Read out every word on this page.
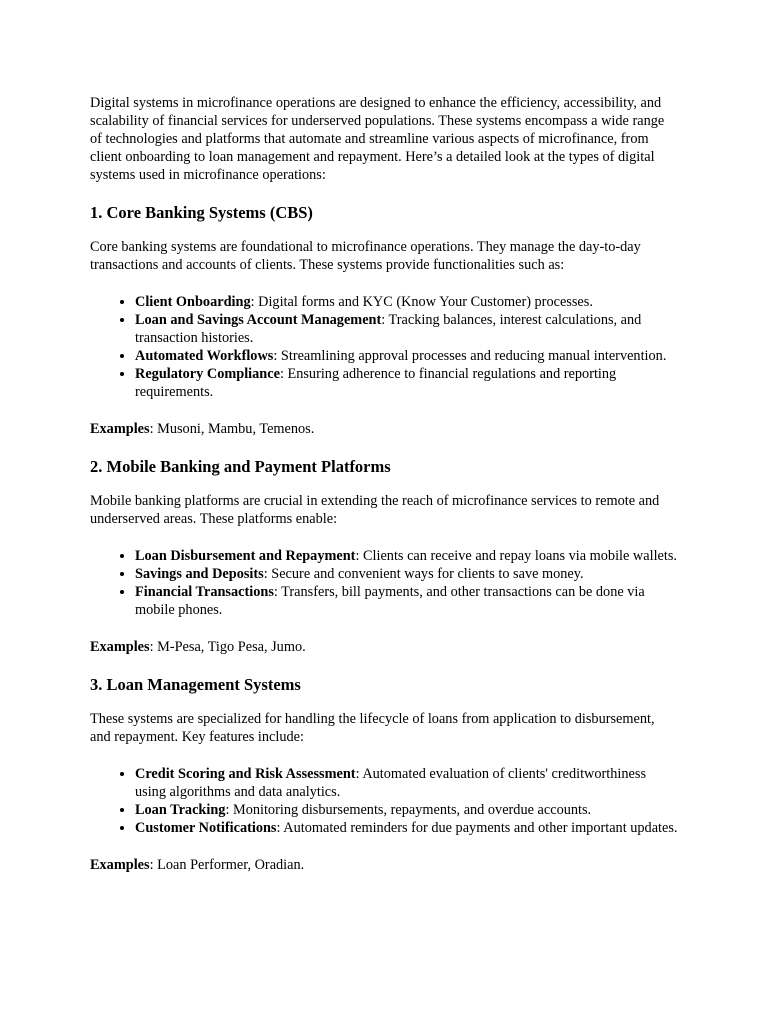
Digital systems in microfinance operations are designed to enhance the efficiency, accessibility, and scalability of financial services for underserved populations. These systems encompass a wide range of technologies and platforms that automate and streamline various aspects of microfinance, from client onboarding to loan management and repayment. Here’s a detailed look at the types of digital systems used in microfinance operations:

1. Core Banking Systems (CBS)

Core banking systems are foundational to microfinance operations. They manage the day-to-day transactions and accounts of clients. These systems provide functionalities such as:

• Client Onboarding: Digital forms and KYC (Know Your Customer) processes.
• Loan and Savings Account Management: Tracking balances, interest calculations, and transaction histories.
• Automated Workflows: Streamlining approval processes and reducing manual intervention.
• Regulatory Compliance: Ensuring adherence to financial regulations and reporting requirements.

Examples: Musoni, Mambu, Temenos.

2. Mobile Banking and Payment Platforms

Mobile banking platforms are crucial in extending the reach of microfinance services to remote and underserved areas. These platforms enable:

• Loan Disbursement and Repayment: Clients can receive and repay loans via mobile wallets.
• Savings and Deposits: Secure and convenient ways for clients to save money.
• Financial Transactions: Transfers, bill payments, and other transactions can be done via mobile phones.

Examples: M-Pesa, Tigo Pesa, Jumo.

3. Loan Management Systems

These systems are specialized for handling the lifecycle of loans from application to disbursement, and repayment. Key features include:

• Credit Scoring and Risk Assessment: Automated evaluation of clients' creditworthiness using algorithms and data analytics.
• Loan Tracking: Monitoring disbursements, repayments, and overdue accounts.
• Customer Notifications: Automated reminders for due payments and other important updates.

Examples: Loan Performer, Oradian.
